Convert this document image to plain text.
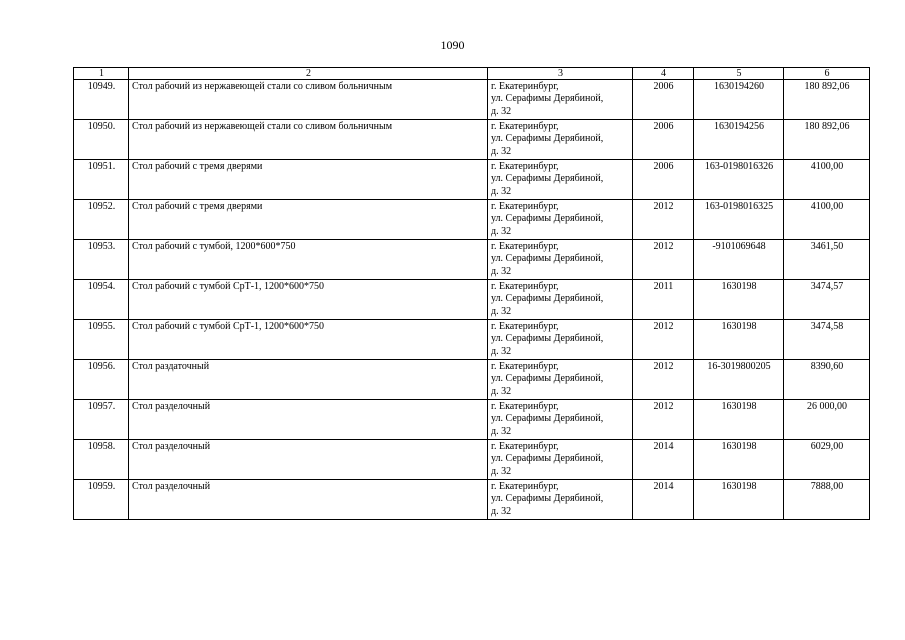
1090
1	2	3	4	5	6
10949.	Стол рабочий из нержавеющей стали со сливом больничным	г. Екатеринбург,
ул. Серафимы Дерябиной,
д. 32	2006	1630194260	180 892,06
10950.	Стол рабочий из нержавеющей стали со сливом больничным	г. Екатеринбург,
ул. Серафимы Дерябиной,
д. 32	2006	1630194256	180 892,06
10951.	Стол рабочий с тремя дверями	г. Екатеринбург,
ул. Серафимы Дерябиной,
д. 32	2006	163-0198016326	4100,00
10952.	Стол рабочий с тремя дверями	г. Екатеринбург,
ул. Серафимы Дерябиной,
д. 32	2012	163-0198016325	4100,00
10953.	Стол рабочий с тумбой, 1200*600*750	г. Екатеринбург,
ул. Серафимы Дерябиной,
д. 32	2012	-9101069648	3461,50
10954.	Стол рабочий с тумбой СрТ-1, 1200*600*750	г. Екатеринбург,
ул. Серафимы Дерябиной,
д. 32	2011	1630198	3474,57
10955.	Стол рабочий с тумбой СрТ-1, 1200*600*750	г. Екатеринбург,
ул. Серафимы Дерябиной,
д. 32	2012	1630198	3474,58
10956.	Стол раздаточный	г. Екатеринбург,
ул. Серафимы Дерябиной,
д. 32	2012	16-3019800205	8390,60
10957.	Стол разделочный	г. Екатеринбург,
ул. Серафимы Дерябиной,
д. 32	2012	1630198	26 000,00
10958.	Стол разделочный	г. Екатеринбург,
ул. Серафимы Дерябиной,
д. 32	2014	1630198	6029,00
10959.	Стол разделочный	г. Екатеринбург,
ул. Серафимы Дерябиной,
д. 32	2014	1630198	7888,00
